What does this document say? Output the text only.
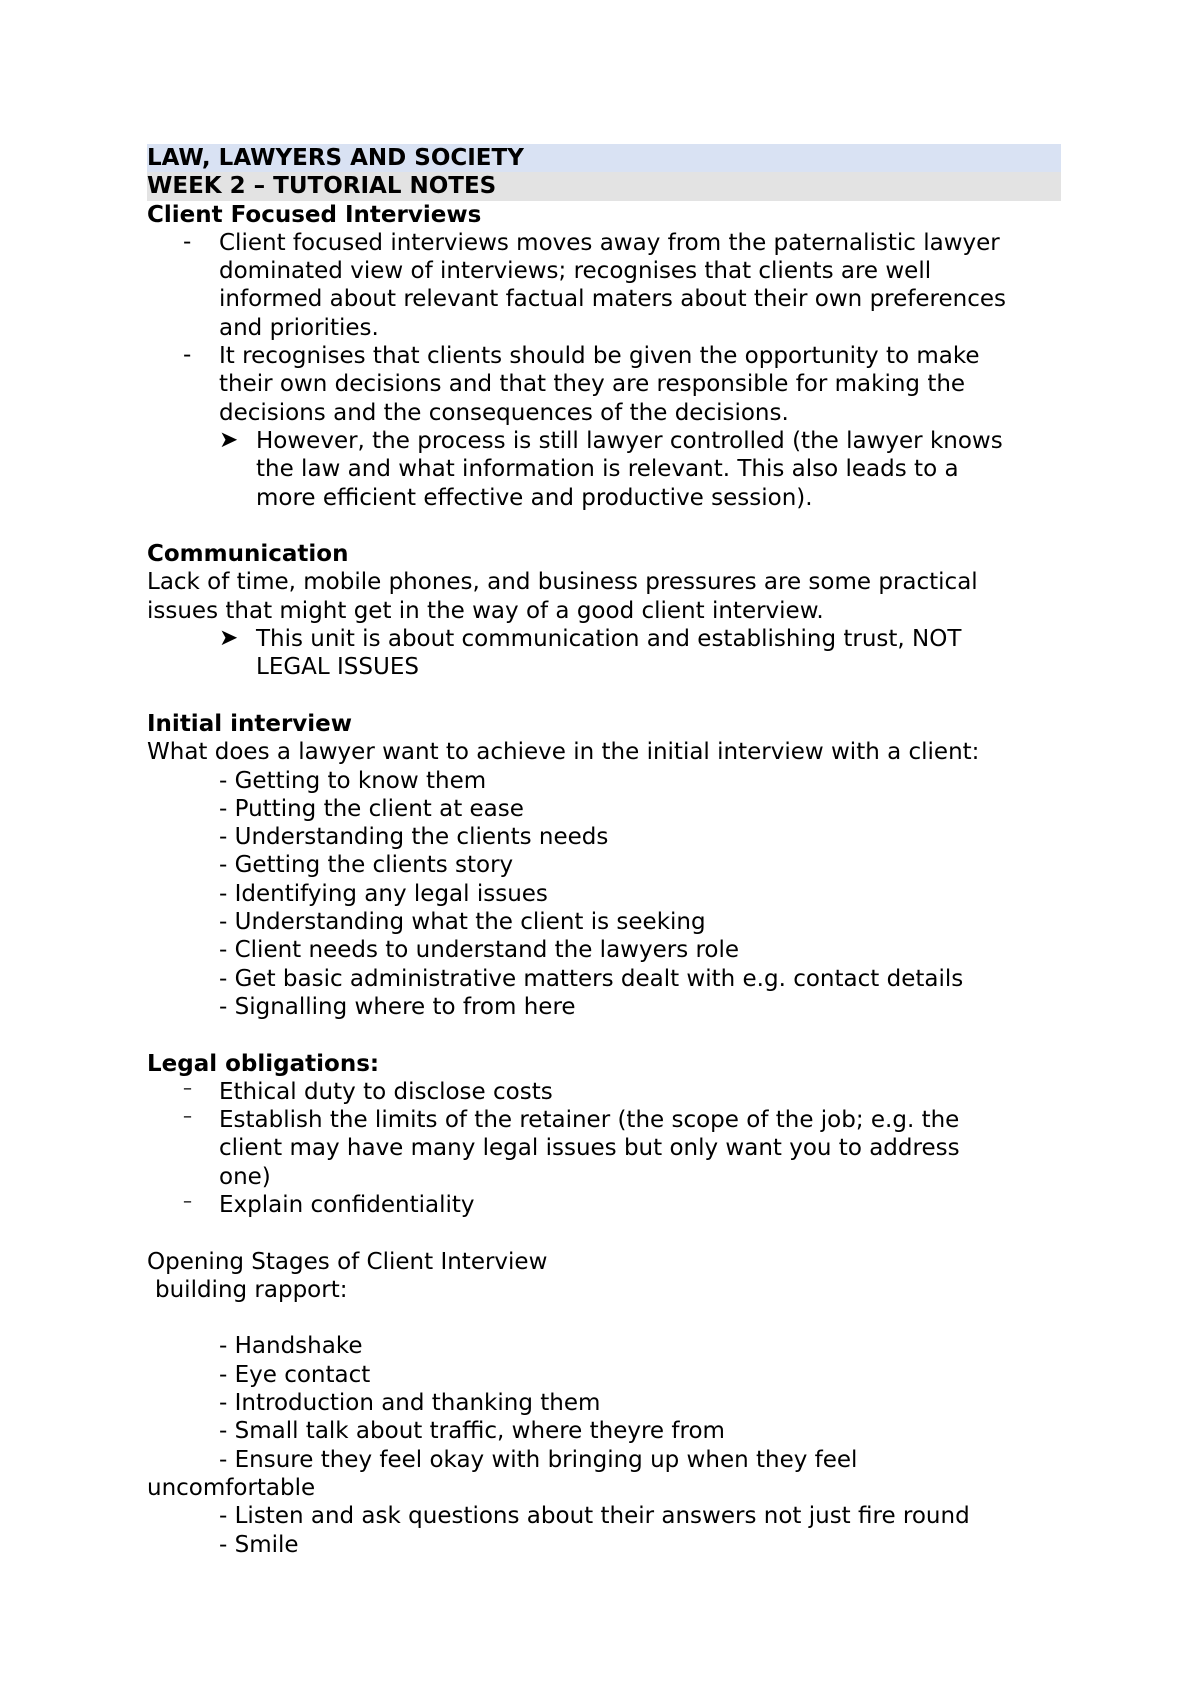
LAW, LAWYERS AND SOCIETY
WEEK 2 – TUTORIAL NOTES
Client Focused Interviews
- Client focused interviews moves away from the paternalistic lawyer
dominated view of interviews; recognises that clients are well
informed about relevant factual maters about their own preferences
and priorities.
- It recognises that clients should be given the opportunity to make
their own decisions and that they are responsible for making the
decisions and the consequences of the decisions.
➤ However, the process is still lawyer controlled (the lawyer knows
the law and what information is relevant. This also leads to a
more efficient effective and productive session).
Communication
Lack of time, mobile phones, and business pressures are some practical
issues that might get in the way of a good client interview.
➤ This unit is about communication and establishing trust, NOT
LEGAL ISSUES
Initial interview
What does a lawyer want to achieve in the initial interview with a client:
- Getting to know them
- Putting the client at ease
- Understanding the clients needs
- Getting the clients story
- Identifying any legal issues
- Understanding what the client is seeking
- Client needs to understand the lawyers role
- Get basic administrative matters dealt with e.g. contact details
- Signalling where to from here
Legal obligations:
– Ethical duty to disclose costs
– Establish the limits of the retainer (the scope of the job; e.g. the
client may have many legal issues but only want you to address
one)
– Explain confidentiality
Opening Stages of Client Interview
building rapport:
- Handshake
- Eye contact
- Introduction and thanking them
- Small talk about traffic, where theyre from
- Ensure they feel okay with bringing up when they feel
uncomfortable
- Listen and ask questions about their answers not just fire round
- Smile
